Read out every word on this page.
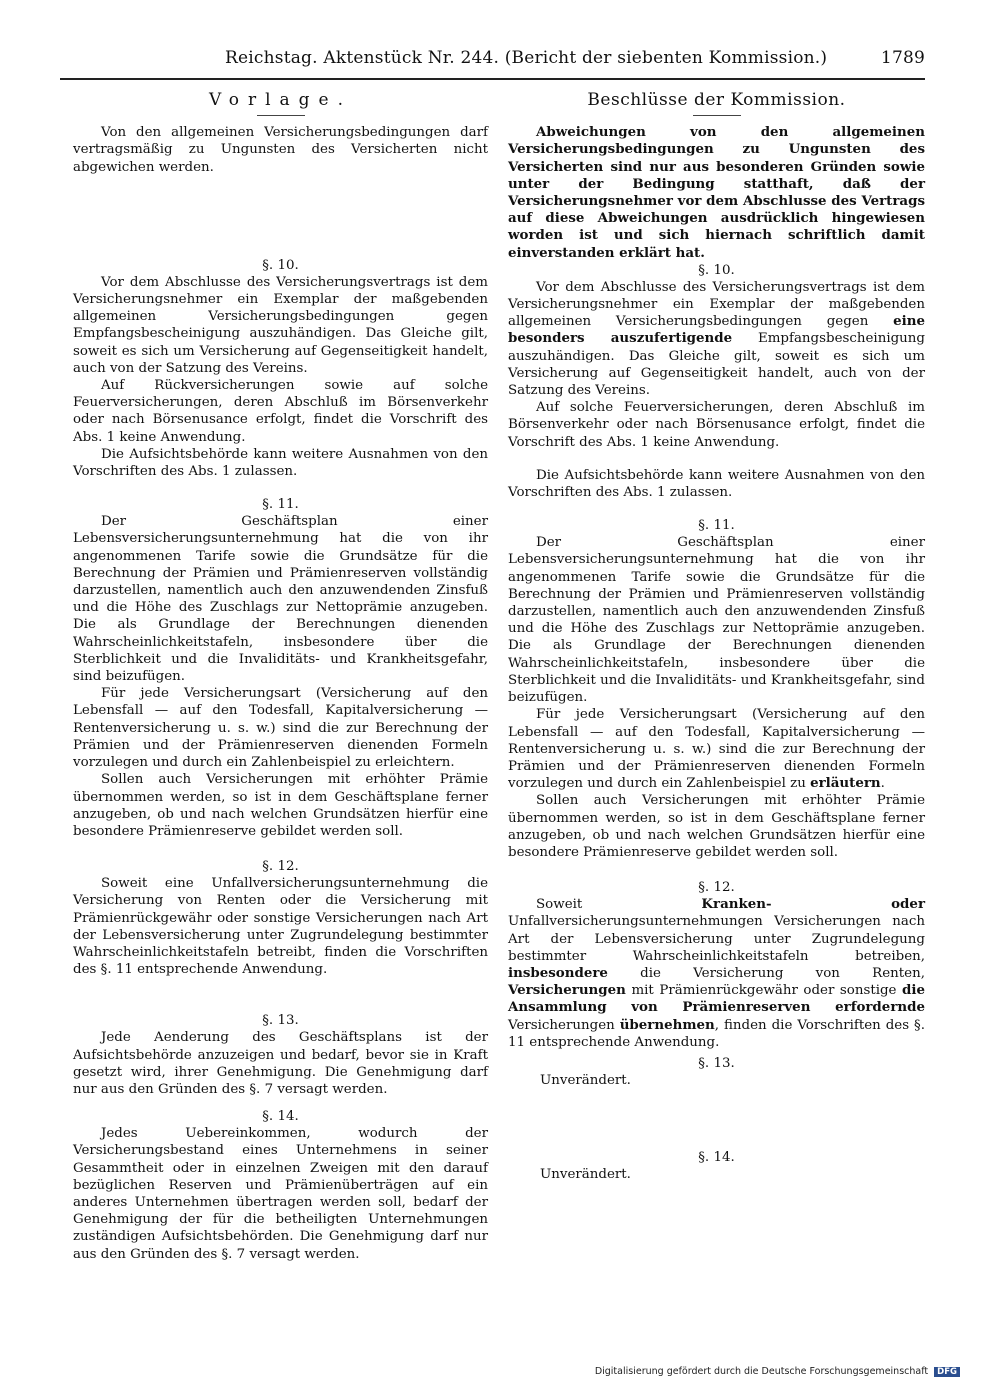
Reichstag. Aktenstück Nr. 244. (Bericht der siebenten Kommission.)	1789
Vorlage.

Von den allgemeinen Versicherungsbedingungen darf vertragsmäßig zu Ungunsten des Versicherten nicht abgewichen werden.

§. 10.

Vor dem Abschlusse des Versicherungsvertrags ist dem Versicherungsnehmer ein Exemplar der maßgebenden allgemeinen Versicherungsbedingungen gegen Empfangsbescheinigung auszuhändigen. Das Gleiche gilt, soweit es sich um Versicherung auf Gegenseitigkeit handelt, auch von der Satzung des Vereins.

Auf Rückversicherungen sowie auf solche Feuerversicherungen, deren Abschluß im Börsenverkehr oder nach Börsenusance erfolgt, findet die Vorschrift des Abs. 1 keine Anwendung.

Die Aufsichtsbehörde kann weitere Ausnahmen von den Vorschriften des Abs. 1 zulassen.

§. 11.

Der Geschäftsplan einer Lebensversicherungsunternehmung hat die von ihr angenommenen Tarife sowie die Grundsätze für die Berechnung der Prämien und Prämienreserven vollständig darzustellen, namentlich auch den anzuwendenden Zinsfuß und die Höhe des Zuschlags zur Nettoprämie anzugeben. Die als Grundlage der Berechnungen dienenden Wahrscheinlichkeitstafeln, insbesondere über die Sterblichkeit und die Invaliditäts- und Krankheitsgefahr, sind beizufügen.

Für jede Versicherungsart (Versicherung auf den Lebensfall — auf den Todesfall, Kapitalversicherung — Rentenversicherung u. s. w.) sind die zur Berechnung der Prämien und der Prämienreserven dienenden Formeln vorzulegen und durch ein Zahlenbeispiel zu erleichtern.

Sollen auch Versicherungen mit erhöhter Prämie übernommen werden, so ist in dem Geschäftsplane ferner anzugeben, ob und nach welchen Grundsätzen hierfür eine besondere Prämienreserve gebildet werden soll.

§. 12.

Soweit eine Unfallversicherungsunternehmung die Versicherung von Renten oder die Versicherung mit Prämienrückgewähr oder sonstige Versicherungen nach Art der Lebensversicherung unter Zugrundelegung bestimmter Wahrscheinlichkeitstafeln betreibt, finden die Vorschriften des §. 11 entsprechende Anwendung.

§. 13.

Jede Aenderung des Geschäftsplans ist der Aufsichtsbehörde anzuzeigen und bedarf, bevor sie in Kraft gesetzt wird, ihrer Genehmigung. Die Genehmigung darf nur aus den Gründen des §. 7 versagt werden.

§. 14.

Jedes Uebereinkommen, wodurch der Versicherungsbestand eines Unternehmens in seiner Gesammtheit oder in einzelnen Zweigen mit den darauf bezüglichen Reserven und Prämienüberträgen auf ein anderes Unternehmen übertragen werden soll, bedarf der Genehmigung der für die betheiligten Unternehmungen zuständigen Aufsichtsbehörden. Die Genehmigung darf nur aus den Gründen des §. 7 versagt werden.

Beschlüsse der Kommission.

Abweichungen von den allgemeinen Versicherungsbedingungen zu Ungunsten des Versicherten sind nur aus besonderen Gründen sowie unter der Bedingung statthaft, daß der Versicherungsnehmer vor dem Abschlusse des Vertrags auf diese Abweichungen ausdrücklich hingewiesen worden ist und sich hiernach schriftlich damit einverstanden erklärt hat.

§. 10.

Vor dem Abschlusse des Versicherungsvertrags ist dem Versicherungsnehmer ein Exemplar der maßgebenden allgemeinen Versicherungsbedingungen gegen eine besonders auszufertigende Empfangsbescheinigung auszuhändigen. Das Gleiche gilt, soweit es sich um Versicherung auf Gegenseitigkeit handelt, auch von der Satzung des Vereins.

Auf solche Feuerversicherungen, deren Abschluß im Börsenverkehr oder nach Börsenusance erfolgt, findet die Vorschrift des Abs. 1 keine Anwendung.

Die Aufsichtsbehörde kann weitere Ausnahmen von den Vorschriften des Abs. 1 zulassen.

§. 11.

Der Geschäftsplan einer Lebensversicherungsunternehmung hat die von ihr angenommenen Tarife sowie die Grundsätze für die Berechnung der Prämien und Prämienreserven vollständig darzustellen, namentlich auch den anzuwendenden Zinsfuß und die Höhe des Zuschlags zur Nettoprämie anzugeben. Die als Grundlage der Berechnungen dienenden Wahrscheinlichkeitstafeln, insbesondere über die Sterblichkeit und die Invaliditäts- und Krankheitsgefahr, sind beizufügen.

Für jede Versicherungsart (Versicherung auf den Lebensfall — auf den Todesfall, Kapitalversicherung — Rentenversicherung u. s. w.) sind die zur Berechnung der Prämien und der Prämienreserven dienenden Formeln vorzulegen und durch ein Zahlenbeispiel zu erläutern.

Sollen auch Versicherungen mit erhöhter Prämie übernommen werden, so ist in dem Geschäftsplane ferner anzugeben, ob und nach welchen Grundsätzen hierfür eine besondere Prämienreserve gebildet werden soll.

§. 12.

Soweit Kranken- oder Unfallversicherungsunternehmungen Versicherungen nach Art der Lebensversicherung unter Zugrundelegung bestimmter Wahrscheinlichkeitstafeln betreiben, insbesondere die Versicherung von Renten, Versicherungen mit Prämienrückgewähr oder sonstige die Ansammlung von Prämienreserven erfordernde Versicherungen übernehmen, finden die Vorschriften des §. 11 entsprechende Anwendung.

§. 13.

Unverändert.

§. 14.

Unverändert.

Digitalisierung gefördert durch die Deutsche Forschungsgemeinschaft DFG
